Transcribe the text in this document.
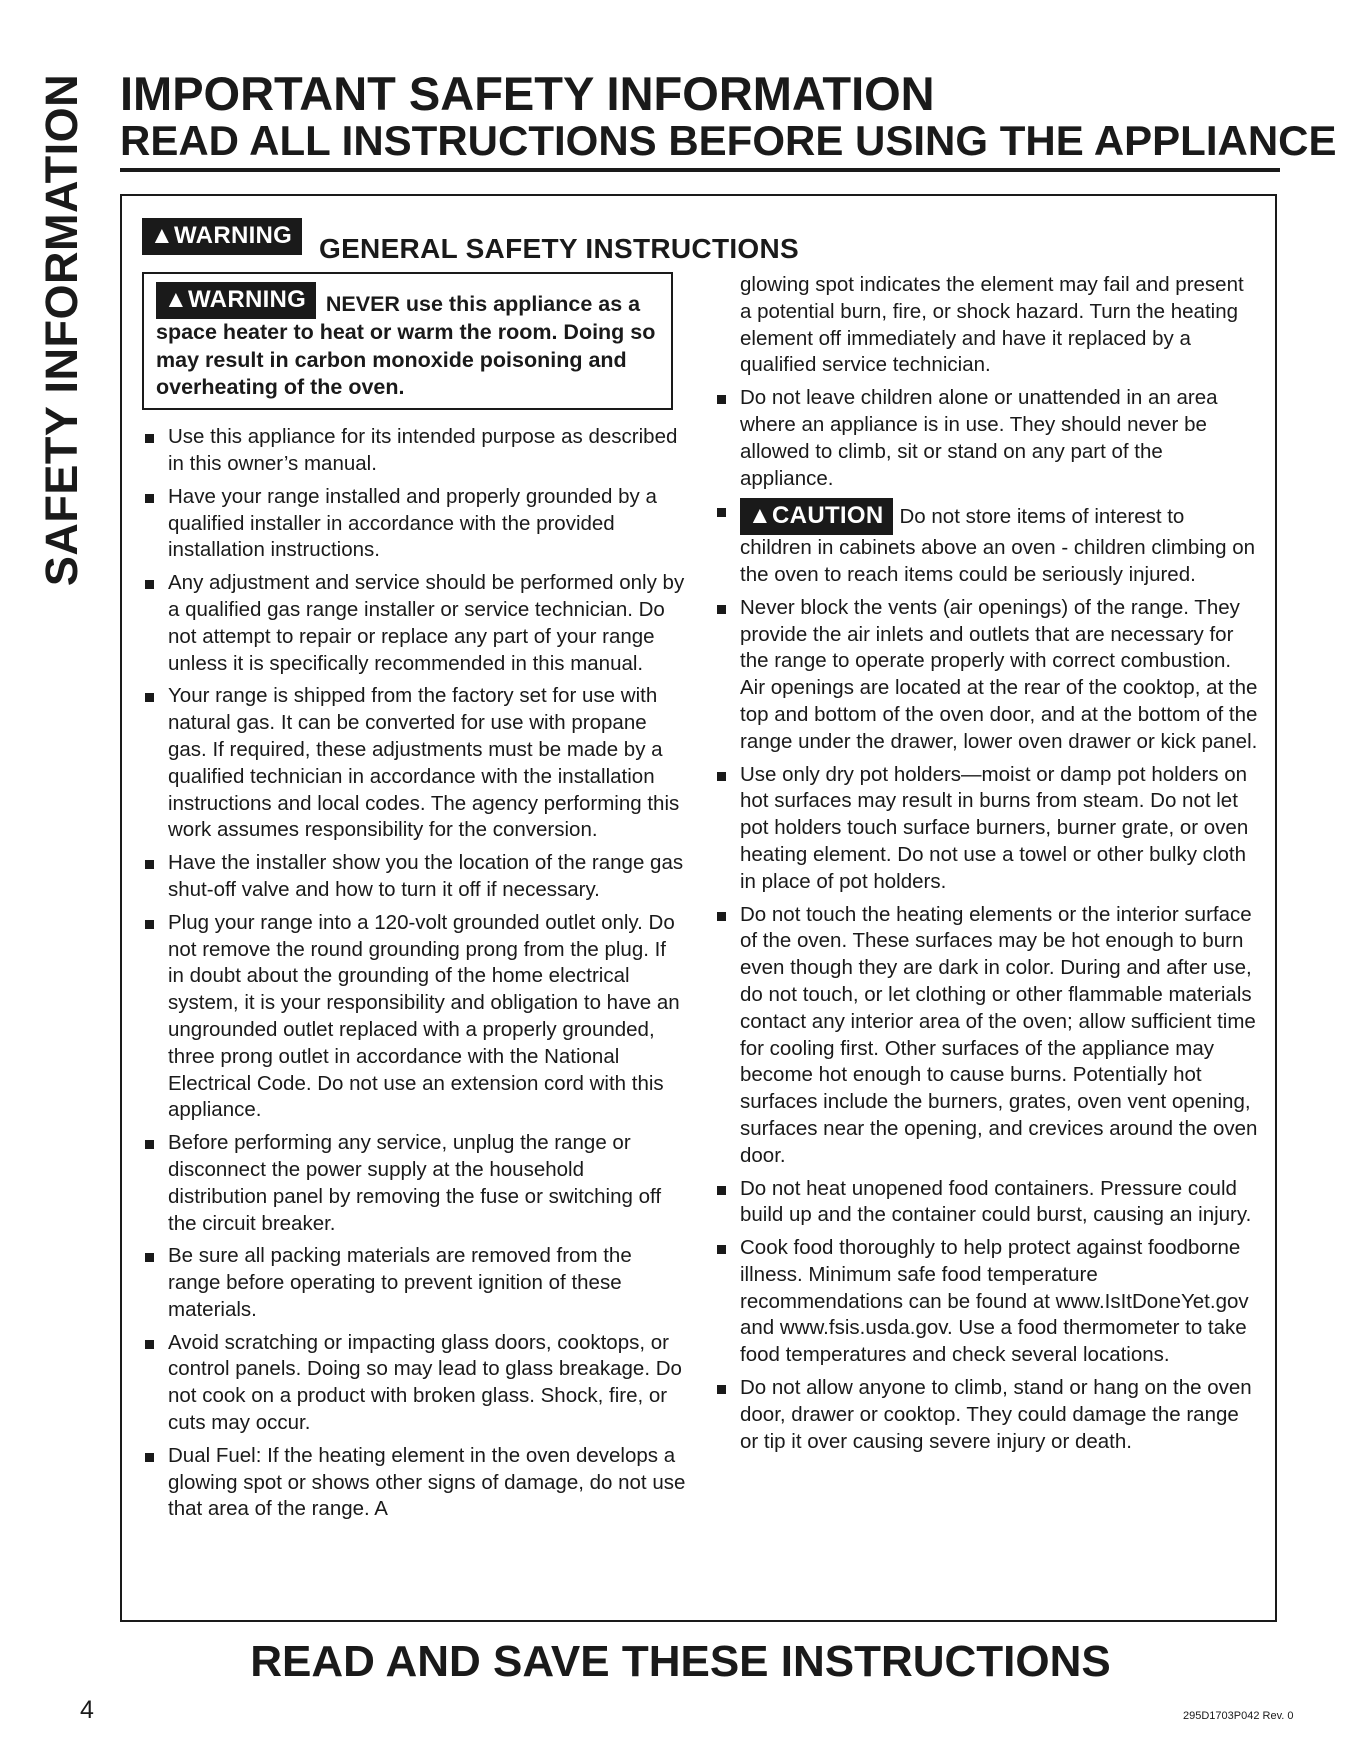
SAFETY INFORMATION IMPORTANT SAFETY INFORMATION
READ ALL INSTRUCTIONS BEFORE USING THE APPLIANCE
▲WARNING GENERAL SAFETY INSTRUCTIONS
▲WARNING NEVER use this appliance as a space heater to heat or warm the room. Doing so may result in carbon monoxide poisoning and overheating of the oven.
Use this appliance for its intended purpose as described in this owner’s manual.
Have your range installed and properly grounded by a qualified installer in accordance with the provided installation instructions.
Any adjustment and service should be performed only by a qualified gas range installer or service technician. Do not attempt to repair or replace any part of your range unless it is specifically recommended in this manual.
Your range is shipped from the factory set for use with natural gas. It can be converted for use with propane gas. If required, these adjustments must be made by a qualified technician in accordance with the installation instructions and local codes. The agency performing this work assumes responsibility for the conversion.
Have the installer show you the location of the range gas shut-off valve and how to turn it off if necessary.
Plug your range into a 120-volt grounded outlet only. Do not remove the round grounding prong from the plug. If in doubt about the grounding of the home electrical system, it is your responsibility and obligation to have an ungrounded outlet replaced with a properly grounded, three prong outlet in accordance with the National Electrical Code. Do not use an extension cord with this appliance.
Before performing any service, unplug the range or disconnect the power supply at the household distribution panel by removing the fuse or switching off the circuit breaker.
Be sure all packing materials are removed from the range before operating to prevent ignition of these materials.
Avoid scratching or impacting glass doors, cooktops, or control panels. Doing so may lead to glass breakage. Do not cook on a product with broken glass. Shock, fire, or cuts may occur.
Dual Fuel: If the heating element in the oven develops a glowing spot or shows other signs of damage, do not use that area of the range. A
glowing spot indicates the element may fail and present a potential burn, fire, or shock hazard. Turn the heating element off immediately and have it replaced by a qualified service technician.
Do not leave children alone or unattended in an area where an appliance is in use. They should never be allowed to climb, sit or stand on any part of the appliance.
▲CAUTION Do not store items of interest to children in cabinets above an oven - children climbing on the oven to reach items could be seriously injured.
Never block the vents (air openings) of the range. They provide the air inlets and outlets that are necessary for the range to operate properly with correct combustion. Air openings are located at the rear of the cooktop, at the top and bottom of the oven door, and at the bottom of the range under the drawer, lower oven drawer or kick panel.
Use only dry pot holders—moist or damp pot holders on hot surfaces may result in burns from steam. Do not let pot holders touch surface burners, burner grate, or oven heating element. Do not use a towel or other bulky cloth in place of pot holders.
Do not touch the heating elements or the interior surface of the oven. These surfaces may be hot enough to burn even though they are dark in color. During and after use, do not touch, or let clothing or other flammable materials contact any interior area of the oven; allow sufficient time for cooling first. Other surfaces of the appliance may become hot enough to cause burns. Potentially hot surfaces include the burners, grates, oven vent opening, surfaces near the opening, and crevices around the oven door.
Do not heat unopened food containers. Pressure could build up and the container could burst, causing an injury.
Cook food thoroughly to help protect against foodborne illness. Minimum safe food temperature recommendations can be found at www.IsItDoneYet.gov and www.fsis.usda.gov. Use a food thermometer to take food temperatures and check several locations.
Do not allow anyone to climb, stand or hang on the oven door, drawer or cooktop. They could damage the range or tip it over causing severe injury or death.
READ AND SAVE THESE INSTRUCTIONS
4	295D1703P042 Rev. 0
